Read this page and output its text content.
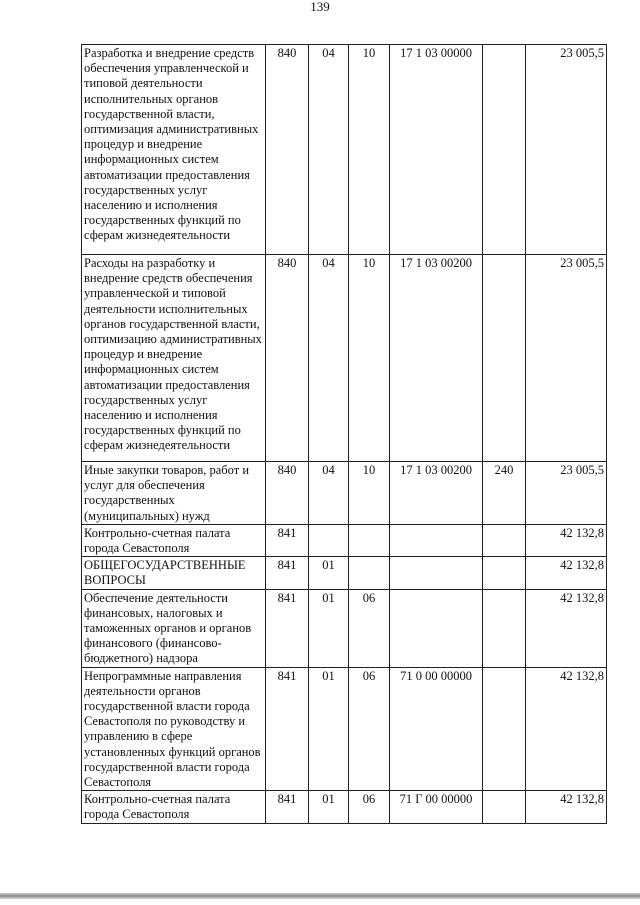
139
Разработка и внедрение средств обеспечения управленческой и типовой деятельности исполнительных органов государственной власти, оптимизация административных процедур и внедрение информационных систем автоматизации предоставления государственных услуг населению и исполнения государственных функций по сферам жизнедеятельности	840	04	10	17 1 03 00000		23 005,5
Расходы на разработку и внедрение средств обеспечения управленческой и типовой деятельности исполнительных органов государственной власти, оптимизацию административных процедур и внедрение информационных систем автоматизации предоставления государственных услуг населению и исполнения государственных функций по сферам жизнедеятельности	840	04	10	17 1 03 00200		23 005,5
Иные закупки товаров, работ и услуг для обеспечения государственных (муниципальных) нужд	840	04	10	17 1 03 00200	240	23 005,5
Контрольно-счетная палата города Севастополя	841					42 132,8
ОБЩЕГОСУДАРСТВЕННЫЕ ВОПРОСЫ	841	01				42 132,8
Обеспечение деятельности финансовых, налоговых и таможенных органов и органов финансового (финансово-бюджетного) надзора	841	01	06			42 132,8
Непрограммные направления деятельности органов государственной власти города Севастополя по руководству и управлению в сфере установленных функций органов государственной власти города Севастополя	841	01	06	71 0 00 00000		42 132,8
Контрольно-счетная палата города Севастополя	841	01	06	71 Г 00 00000		42 132,8
